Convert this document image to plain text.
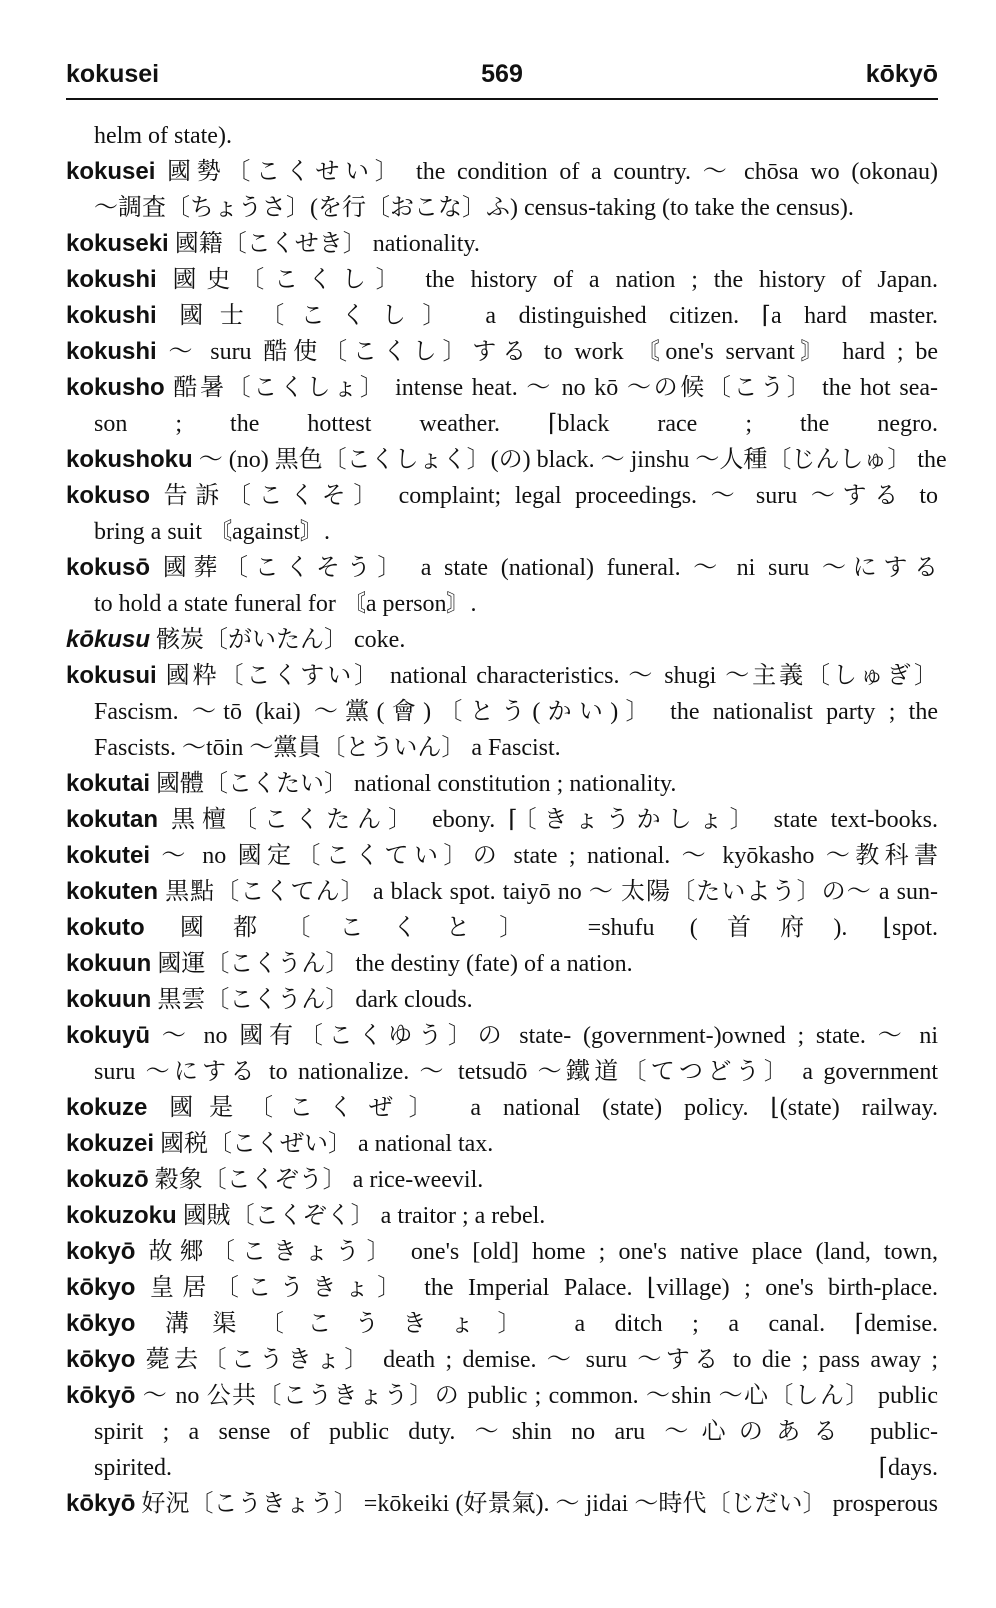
kokusei	569	kōkyō
helm of state).
kokusei 國勢〔こくせい〕 the condition of a country. ～ chōsa wo (okonau)
～調査〔ちょうさ〕(を行〔おこな〕ふ) census-taking (to take the census).
kokuseki 國籍〔こくせき〕 nationality.
kokushi 國史〔こくし〕 the history of a nation ; the history of Japan.
kokushi 國士〔こくし〕 a distinguished citizen. ⌈a hard master.
kokushi ～ suru 酷使〔こくし〕する to work 〘one's servant〙 hard ; be
kokusho 酷暑〔こくしょ〕 intense heat. ～ no kō ～の候〔こう〕 the hot sea-
son ; the hottest weather. ⌈black race ; the negro.
kokushoku ～ (no) 黒色〔こくしょく〕(の) black. ～ jinshu ～人種〔じんしゅ〕 the
kokuso 告訴〔こくそ〕 complaint; legal proceedings. ～ suru ～する to
bring a suit 〘against〙.
kokusō 國葬〔こくそう〕 a state (national) funeral. ～ ni suru ～にする
to hold a state funeral for 〘a person〙.
kōkusu 骸炭〔がいたん〕 coke.
kokusui 國粋〔こくすい〕 national characteristics. ～ shugi ～主義〔しゅぎ〕
Fascism. ～tō (kai) ～黨(會)〔とう(かい)〕 the nationalist party ; the
Fascists. ～tōin ～黨員〔とういん〕 a Fascist.
kokutai 國體〔こくたい〕 national constitution ; nationality.
kokutan 黒檀〔こくたん〕 ebony. ⌈〔きょうかしょ〕 state text-books.
kokutei ～ no 國定〔こくてい〕の state ; national. ～ kyōkasho ～教科書
kokuten 黒點〔こくてん〕 a black spot. taiyō no ～ 太陽〔たいよう〕の～ a sun-
kokuto 國都〔こくと〕 =shufu (首府). ⌊spot.
kokuun 國運〔こくうん〕 the destiny (fate) of a nation.
kokuun 黒雲〔こくうん〕 dark clouds.
kokuyū ～ no 國有〔こくゆう〕の state- (government-)owned ; state. ～ ni
suru ～にする to nationalize. ～ tetsudō ～鐵道〔てつどう〕 a government
kokuze 國是〔こくぜ〕 a national (state) policy. ⌊(state) railway.
kokuzei 國税〔こくぜい〕 a national tax.
kokuzō 穀象〔こくぞう〕 a rice-weevil.
kokuzoku 國賊〔こくぞく〕 a traitor ; a rebel.
kokyō 故郷〔こきょう〕 one's [old] home ; one's native place (land, town,
kōkyo 皇居〔こうきょ〕 the Imperial Palace. ⌊village) ; one's birth-place.
kōkyo 溝渠〔こうきょ〕 a ditch ; a canal. ⌈demise.
kōkyo 薨去〔こうきょ〕 death ; demise. ～ suru ～する to die ; pass away ;
kōkyō ～ no 公共〔こうきょう〕の public ; common. ～shin ～心〔しん〕 public
spirit ; a sense of public duty. ～shin no aru ～心のある public-
spirited. ⌈days.
kōkyō 好況〔こうきょう〕 =kōkeiki (好景氣). ～ jidai ～時代〔じだい〕 prosperous
